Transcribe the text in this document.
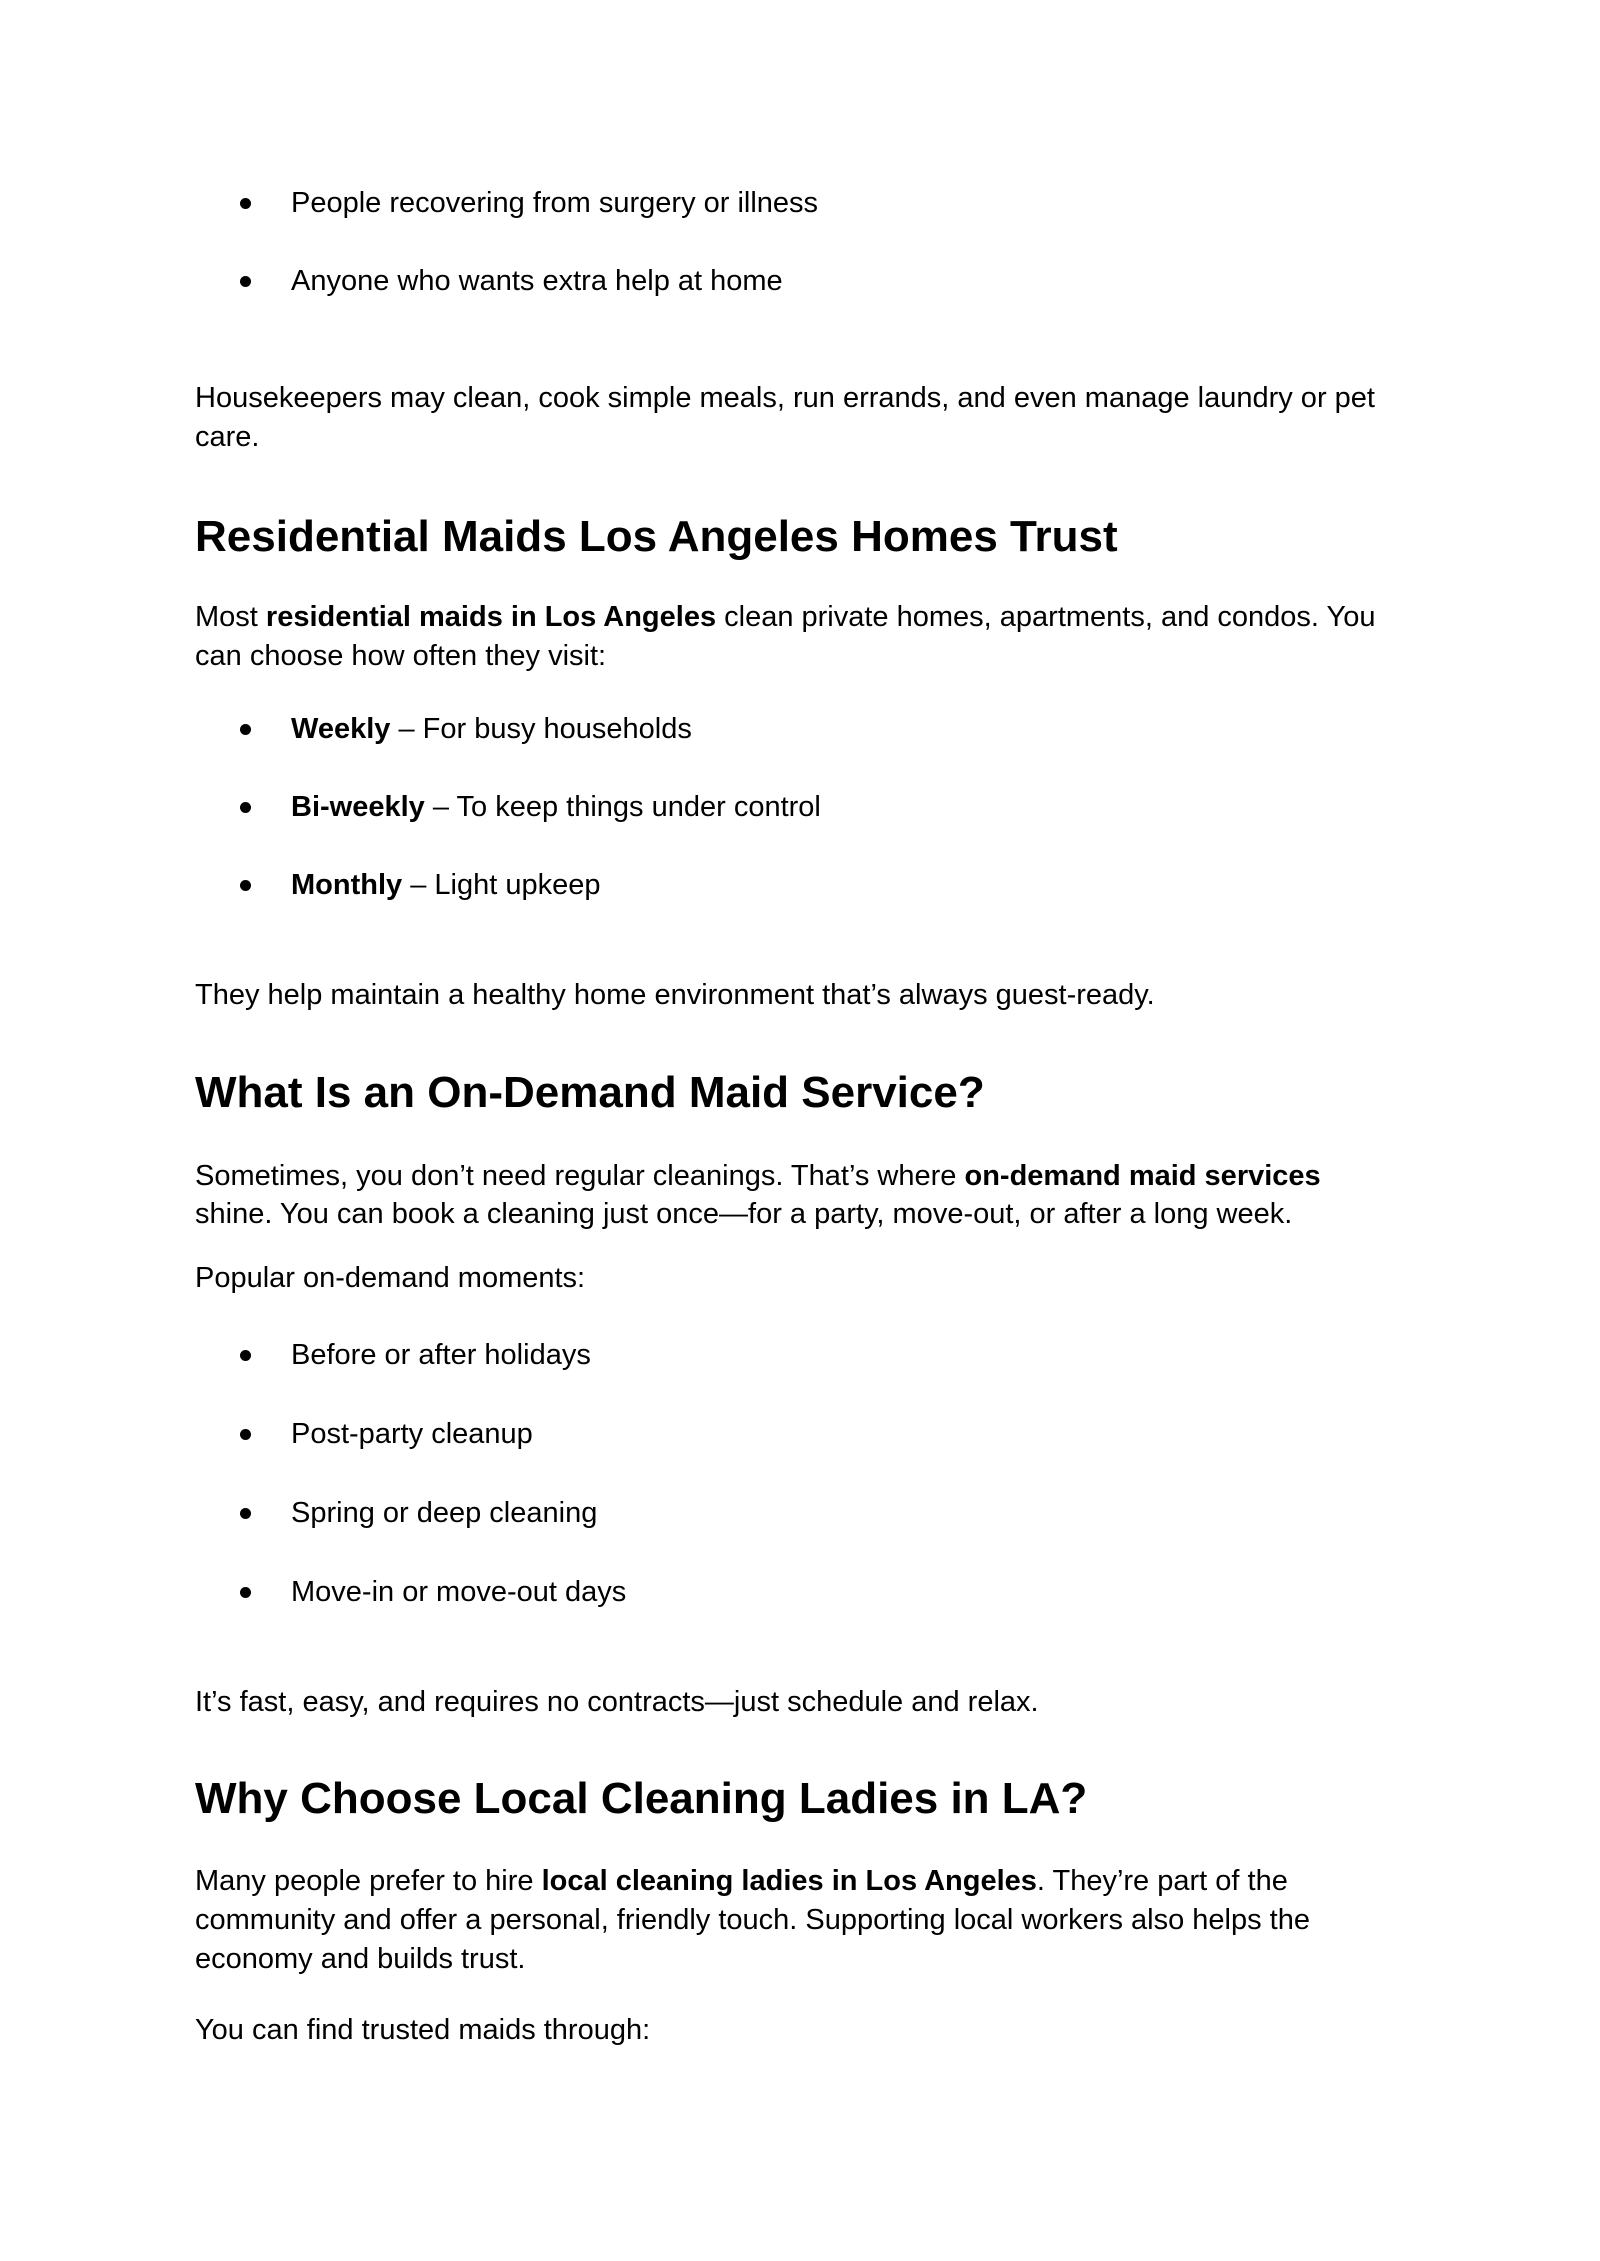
People recovering from surgery or illness
Anyone who wants extra help at home
Housekeepers may clean, cook simple meals, run errands, and even manage laundry or pet
care.
Residential Maids Los Angeles Homes Trust
Most residential maids in Los Angeles clean private homes, apartments, and condos. You
can choose how often they visit:
Weekly – For busy households
Bi-weekly – To keep things under control
Monthly – Light upkeep
They help maintain a healthy home environment that’s always guest-ready.
What Is an On-Demand Maid Service?
Sometimes, you don’t need regular cleanings. That’s where on-demand maid services
shine. You can book a cleaning just once—for a party, move-out, or after a long week.
Popular on-demand moments:
Before or after holidays
Post-party cleanup
Spring or deep cleaning
Move-in or move-out days
It’s fast, easy, and requires no contracts—just schedule and relax.
Why Choose Local Cleaning Ladies in LA?
Many people prefer to hire local cleaning ladies in Los Angeles. They’re part of the
community and offer a personal, friendly touch. Supporting local workers also helps the
economy and builds trust.
You can find trusted maids through:
